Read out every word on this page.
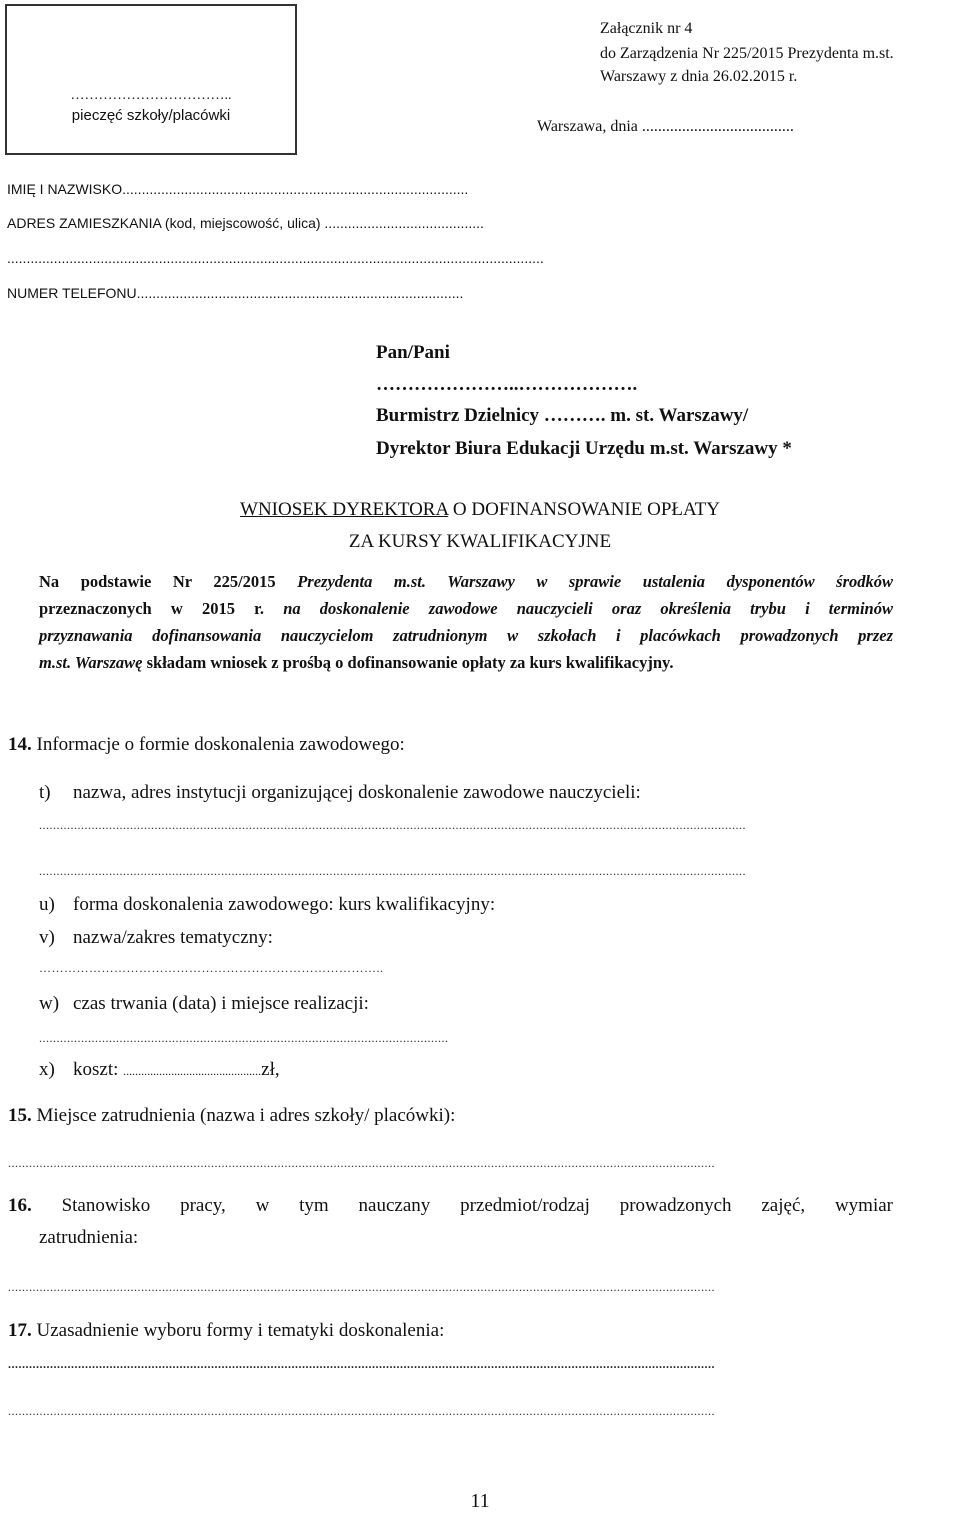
……………………………..
pieczęć szkoły/placówki
Załącznik nr 4
do Zarządzenia Nr 225/2015 Prezydenta m.st.
Warszawy z dnia 26.02.2015 r.
Warszawa, dnia ......................................
IMIĘ I NAZWISKO.........................................................................................
ADRES ZAMIESZKANIA (kod, miejscowość, ulica) .........................................
..........................................................................................................................................
NUMER TELEFONU....................................................................................
Pan/Pani
…………………..……………….
Burmistrz Dzielnicy ………. m. st. Warszawy/
Dyrektor Biura Edukacji Urzędu m.st. Warszawy *
WNIOSEK DYREKTORA O DOFINANSOWANIE OPŁATY
ZA KURSY KWALIFIKACYJNE
Na podstawie Nr 225/2015 Prezydenta m.st. Warszawy w sprawie ustalenia dysponentów środków
przeznaczonych w 2015 r. na doskonalenie zawodowe nauczycieli oraz określenia trybu i terminów
przyznawania dofinansowania nauczycielom zatrudnionym w szkołach i placówkach prowadzonych przez
m.st. Warszawę składam wniosek z prośbą o dofinansowanie opłaty za kurs kwalifikacyjny.
14. Informacje o formie doskonalenia zawodowego:
t) nazwa, adres instytucji organizującej doskonalenie zawodowe nauczycieli:
..........................................................................................................................................................................................................
..........................................................................................................................................................................................................
u) forma doskonalenia zawodowego: kurs kwalifikacyjny:
v) nazwa/zakres tematyczny:
………………………………………………………………………..
w) czas trwania (data) i miejsce realizacji:
.....................................................................................................................
x) koszt: ..............................................zł,
15. Miejsce zatrudnienia (nazwa i adres szkoły/ placówki):
..........................................................................................................................................................................................................
16. Stanowisko pracy, w tym nauczany przedmiot/rodzaj prowadzonych zajęć, wymiar
zatrudnienia:
..........................................................................................................................................................................................................
17. Uzasadnienie wyboru formy i tematyki doskonalenia:
..........................................................................................................................................................................................................
..........................................................................................................................................................................................................
11
